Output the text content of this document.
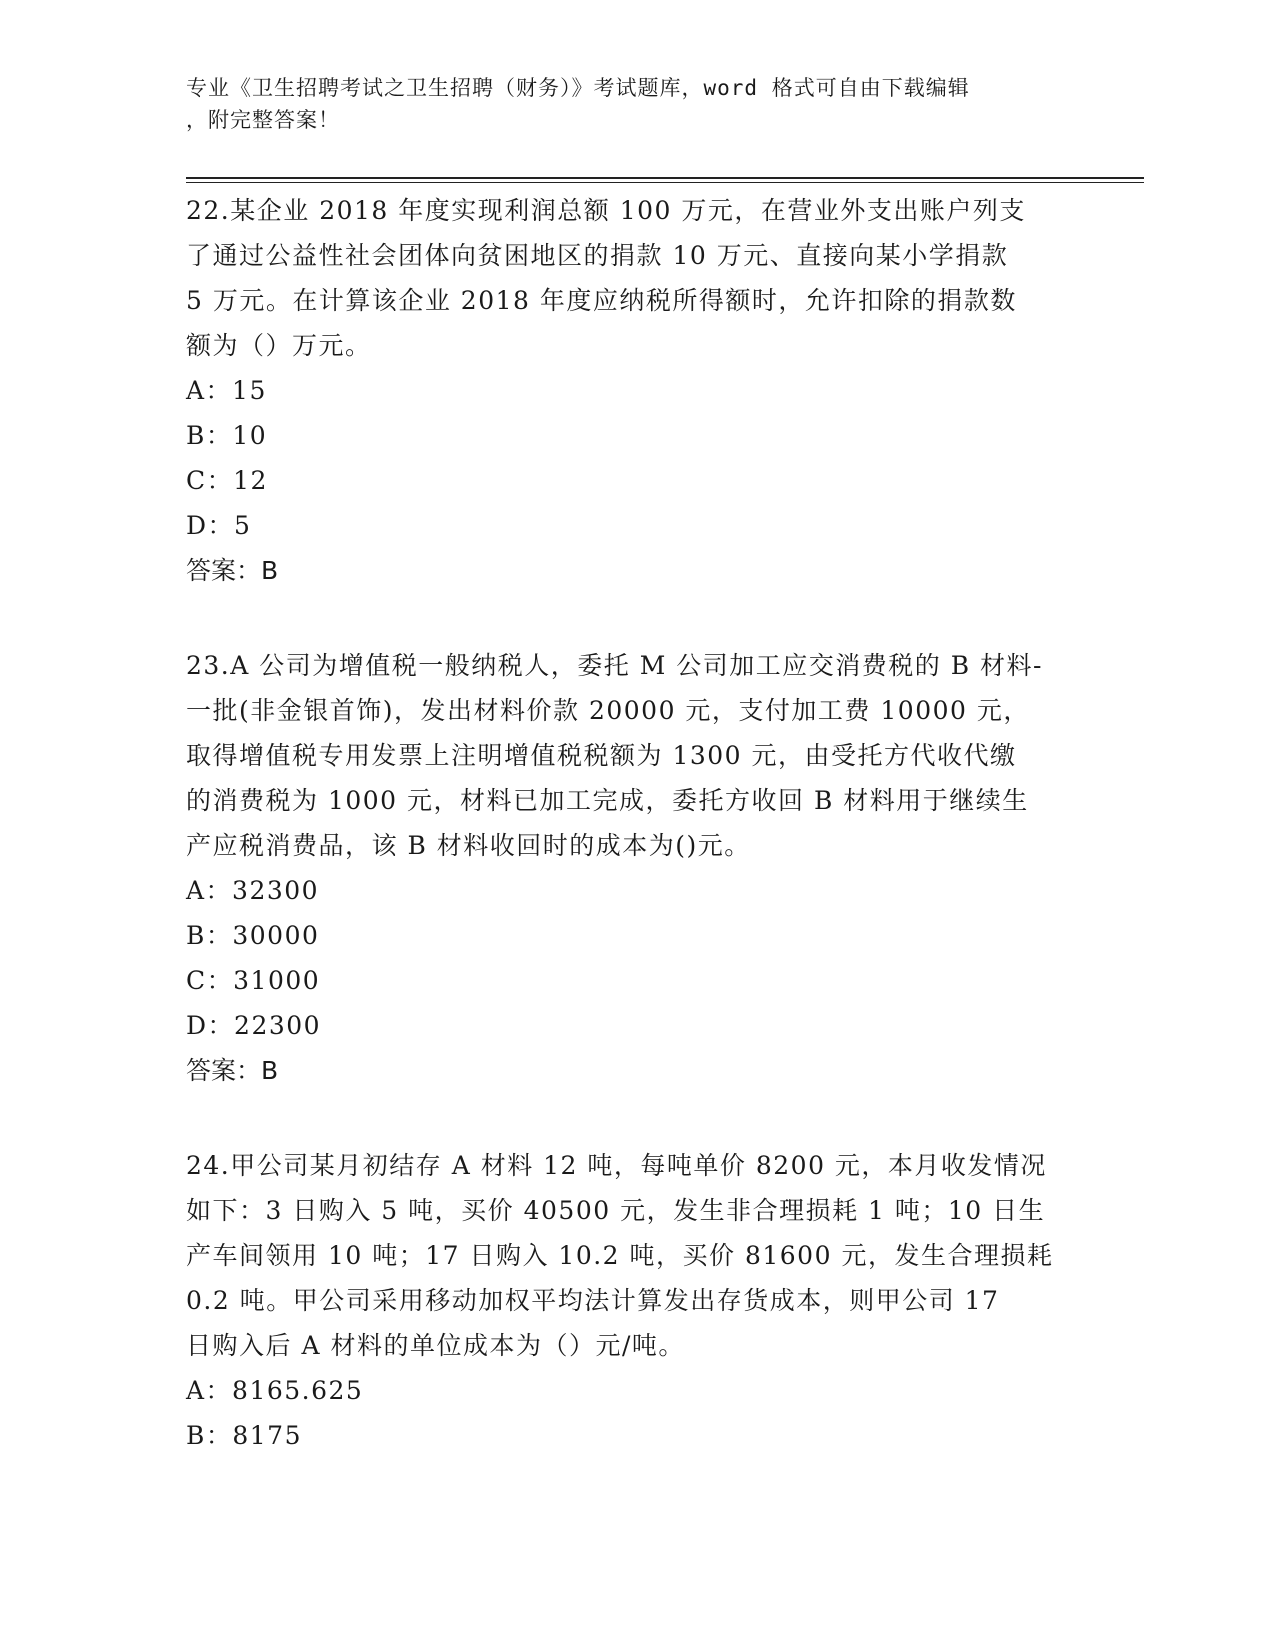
专业《卫生招聘考试之卫生招聘（财务）》考试题库，word 格式可自由下载编辑
，附完整答案！
22.某企业 2018 年度实现利润总额 100 万元，在营业外支出账户列支
了通过公益性社会团体向贫困地区的捐款 10 万元、直接向某小学捐款
5 万元。在计算该企业 2018 年度应纳税所得额时，允许扣除的捐款数
额为（）万元。
A：15
B：10
C：12
D：5
答案：B
23.A 公司为增值税一般纳税人，委托 M 公司加工应交消费税的 B 材料-
一批(非金银首饰)，发出材料价款 20000 元，支付加工费 10000 元，
取得增值税专用发票上注明增值税税额为 1300 元，由受托方代收代缴
的消费税为 1000 元，材料已加工完成，委托方收回 B 材料用于继续生
产应税消费品，该 B 材料收回时的成本为()元。
A：32300
B：30000
C：31000
D：22300
答案：B
24.甲公司某月初结存 A 材料 12 吨，每吨单价 8200 元，本月收发情况
如下：3 日购入 5 吨，买价 40500 元，发生非合理损耗 1 吨；10 日生
产车间领用 10 吨；17 日购入 10.2 吨，买价 81600 元，发生合理损耗
0.2 吨。甲公司采用移动加权平均法计算发出存货成本，则甲公司 17
日购入后 A 材料的单位成本为（）元/吨。
A：8165.625
B：8175
